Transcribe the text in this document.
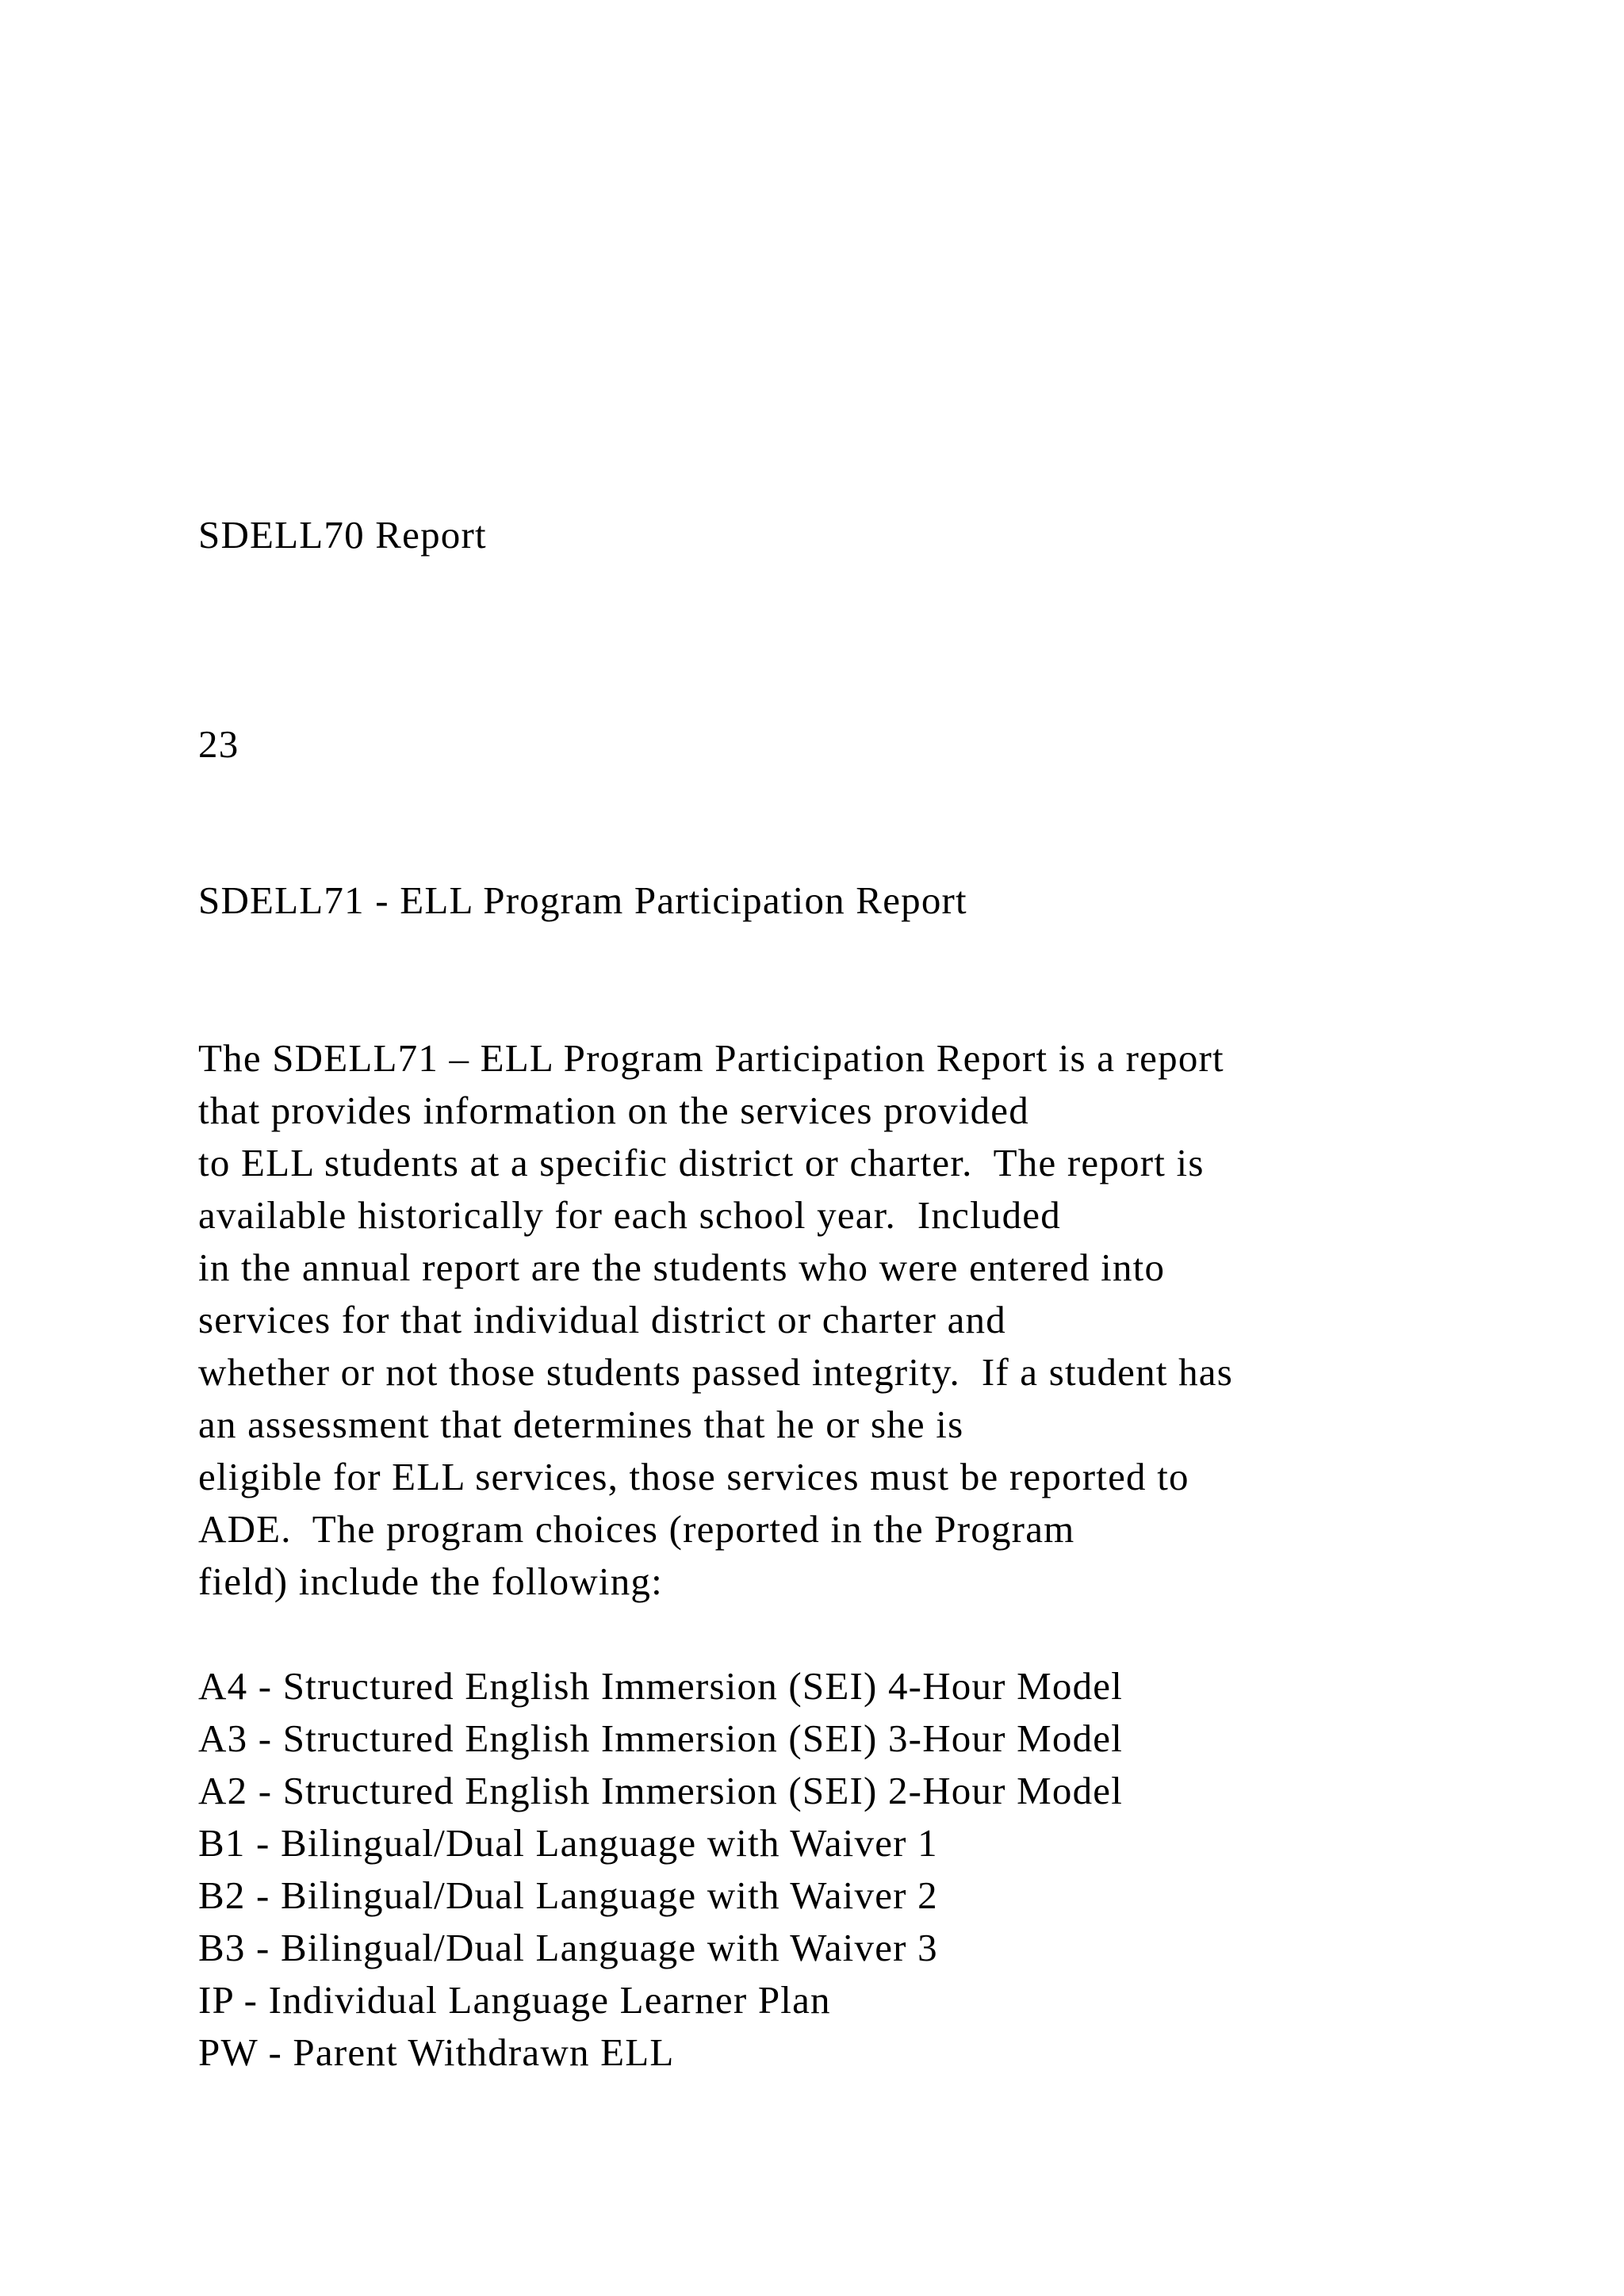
SDELL70 Report

23

SDELL71 - ELL Program Participation Report

The SDELL71 – ELL Program Participation Report is a report

that provides information on the services provided

to ELL students at a specific district or charter.  The report is

available historically for each school year.  Included

in the annual report are the students who were entered into

services for that individual district or charter and

whether or not those students passed integrity.  If a student has

an assessment that determines that he or she is

eligible for ELL services, those services must be reported to

ADE.  The program choices (reported in the Program

field) include the following:

A4 - Structured English Immersion (SEI) 4-Hour Model

A3 - Structured English Immersion (SEI) 3-Hour Model

A2 - Structured English Immersion (SEI) 2-Hour Model

B1 - Bilingual/Dual Language with Waiver 1

B2 - Bilingual/Dual Language with Waiver 2

B3 - Bilingual/Dual Language with Waiver 3

IP - Individual Language Learner Plan

PW - Parent Withdrawn ELL
